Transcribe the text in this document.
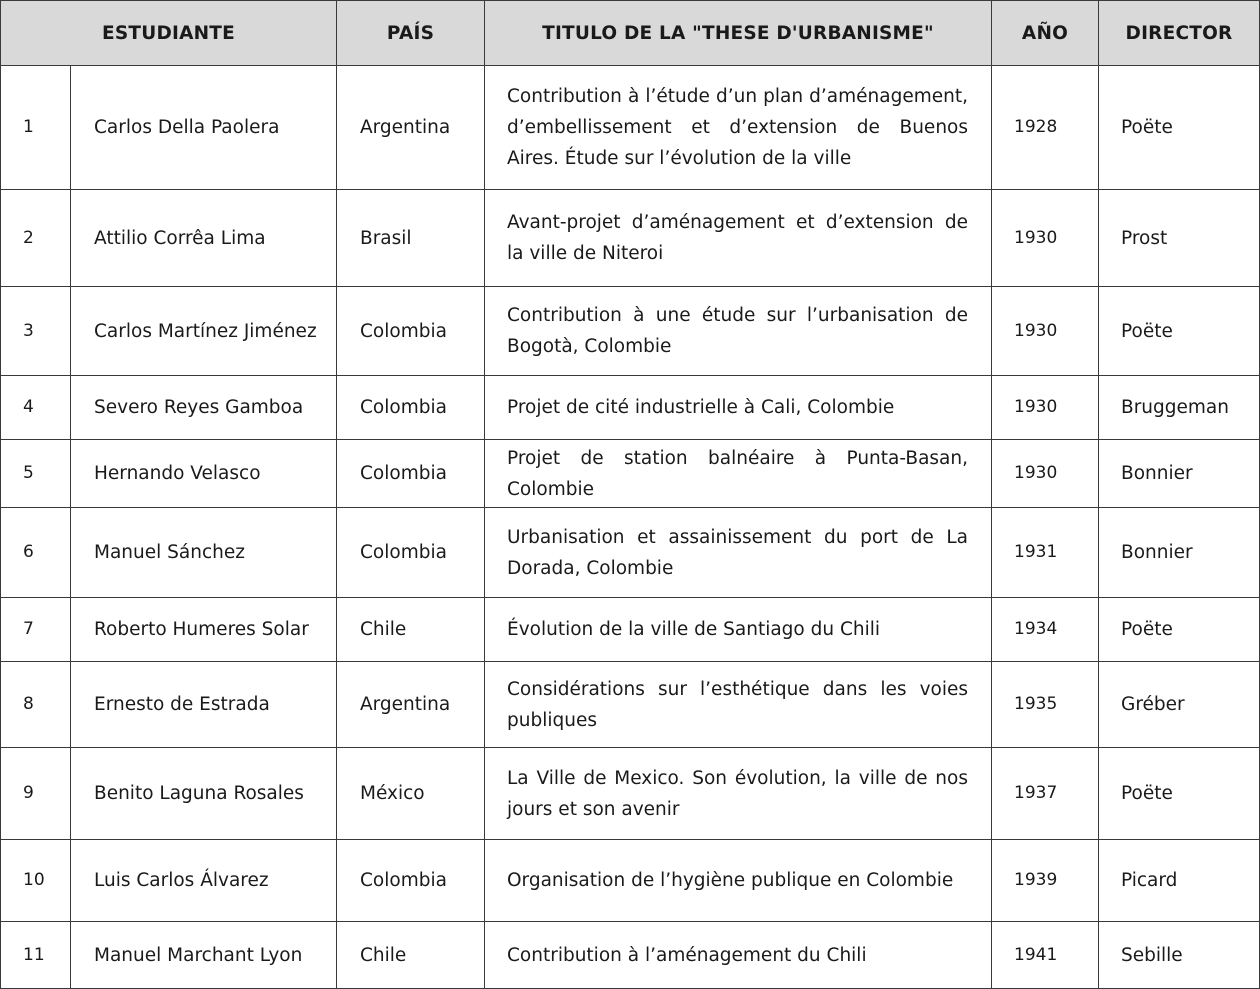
ESTUDIANTE		PAÍS	TITULO DE LA "THESE D'URBANISME"	AÑO	DIRECTOR
1	Carlos Della Paolera	Argentina	Contribution à l’étude d’un plan d’aménagement, d’embellissement et d’extension de Buenos Aires. Étude sur l’évolution de la ville	1928	Poëte
2	Attilio Corrêa Lima	Brasil	Avant-projet d’aménagement et d’extension de la ville de Niteroi	1930	Prost
3	Carlos Martínez Jiménez	Colombia	Contribution à une étude sur l’urbanisation de Bogotà, Colombie	1930	Poëte
4	Severo Reyes Gamboa	Colombia	Projet de cité industrielle à Cali, Colombie	1930	Bruggeman
5	Hernando Velasco	Colombia	Projet de station balnéaire à Punta-Basan, Colombie	1930	Bonnier
6	Manuel Sánchez	Colombia	Urbanisation et assainissement du port de La Dorada, Colombie	1931	Bonnier
7	Roberto Humeres Solar	Chile	Évolution de la ville de Santiago du Chili	1934	Poëte
8	Ernesto de Estrada	Argentina	Considérations sur l’esthétique dans les voies publiques	1935	Gréber
9	Benito Laguna Rosales	México	La Ville de Mexico. Son évolution, la ville de nos jours et son avenir	1937	Poëte
10	Luis Carlos Álvarez	Colombia	Organisation de l’hygiène publique en Colombie	1939	Picard
11	Manuel Marchant Lyon	Chile	Contribution à l’aménagement du Chili	1941	Sebille
